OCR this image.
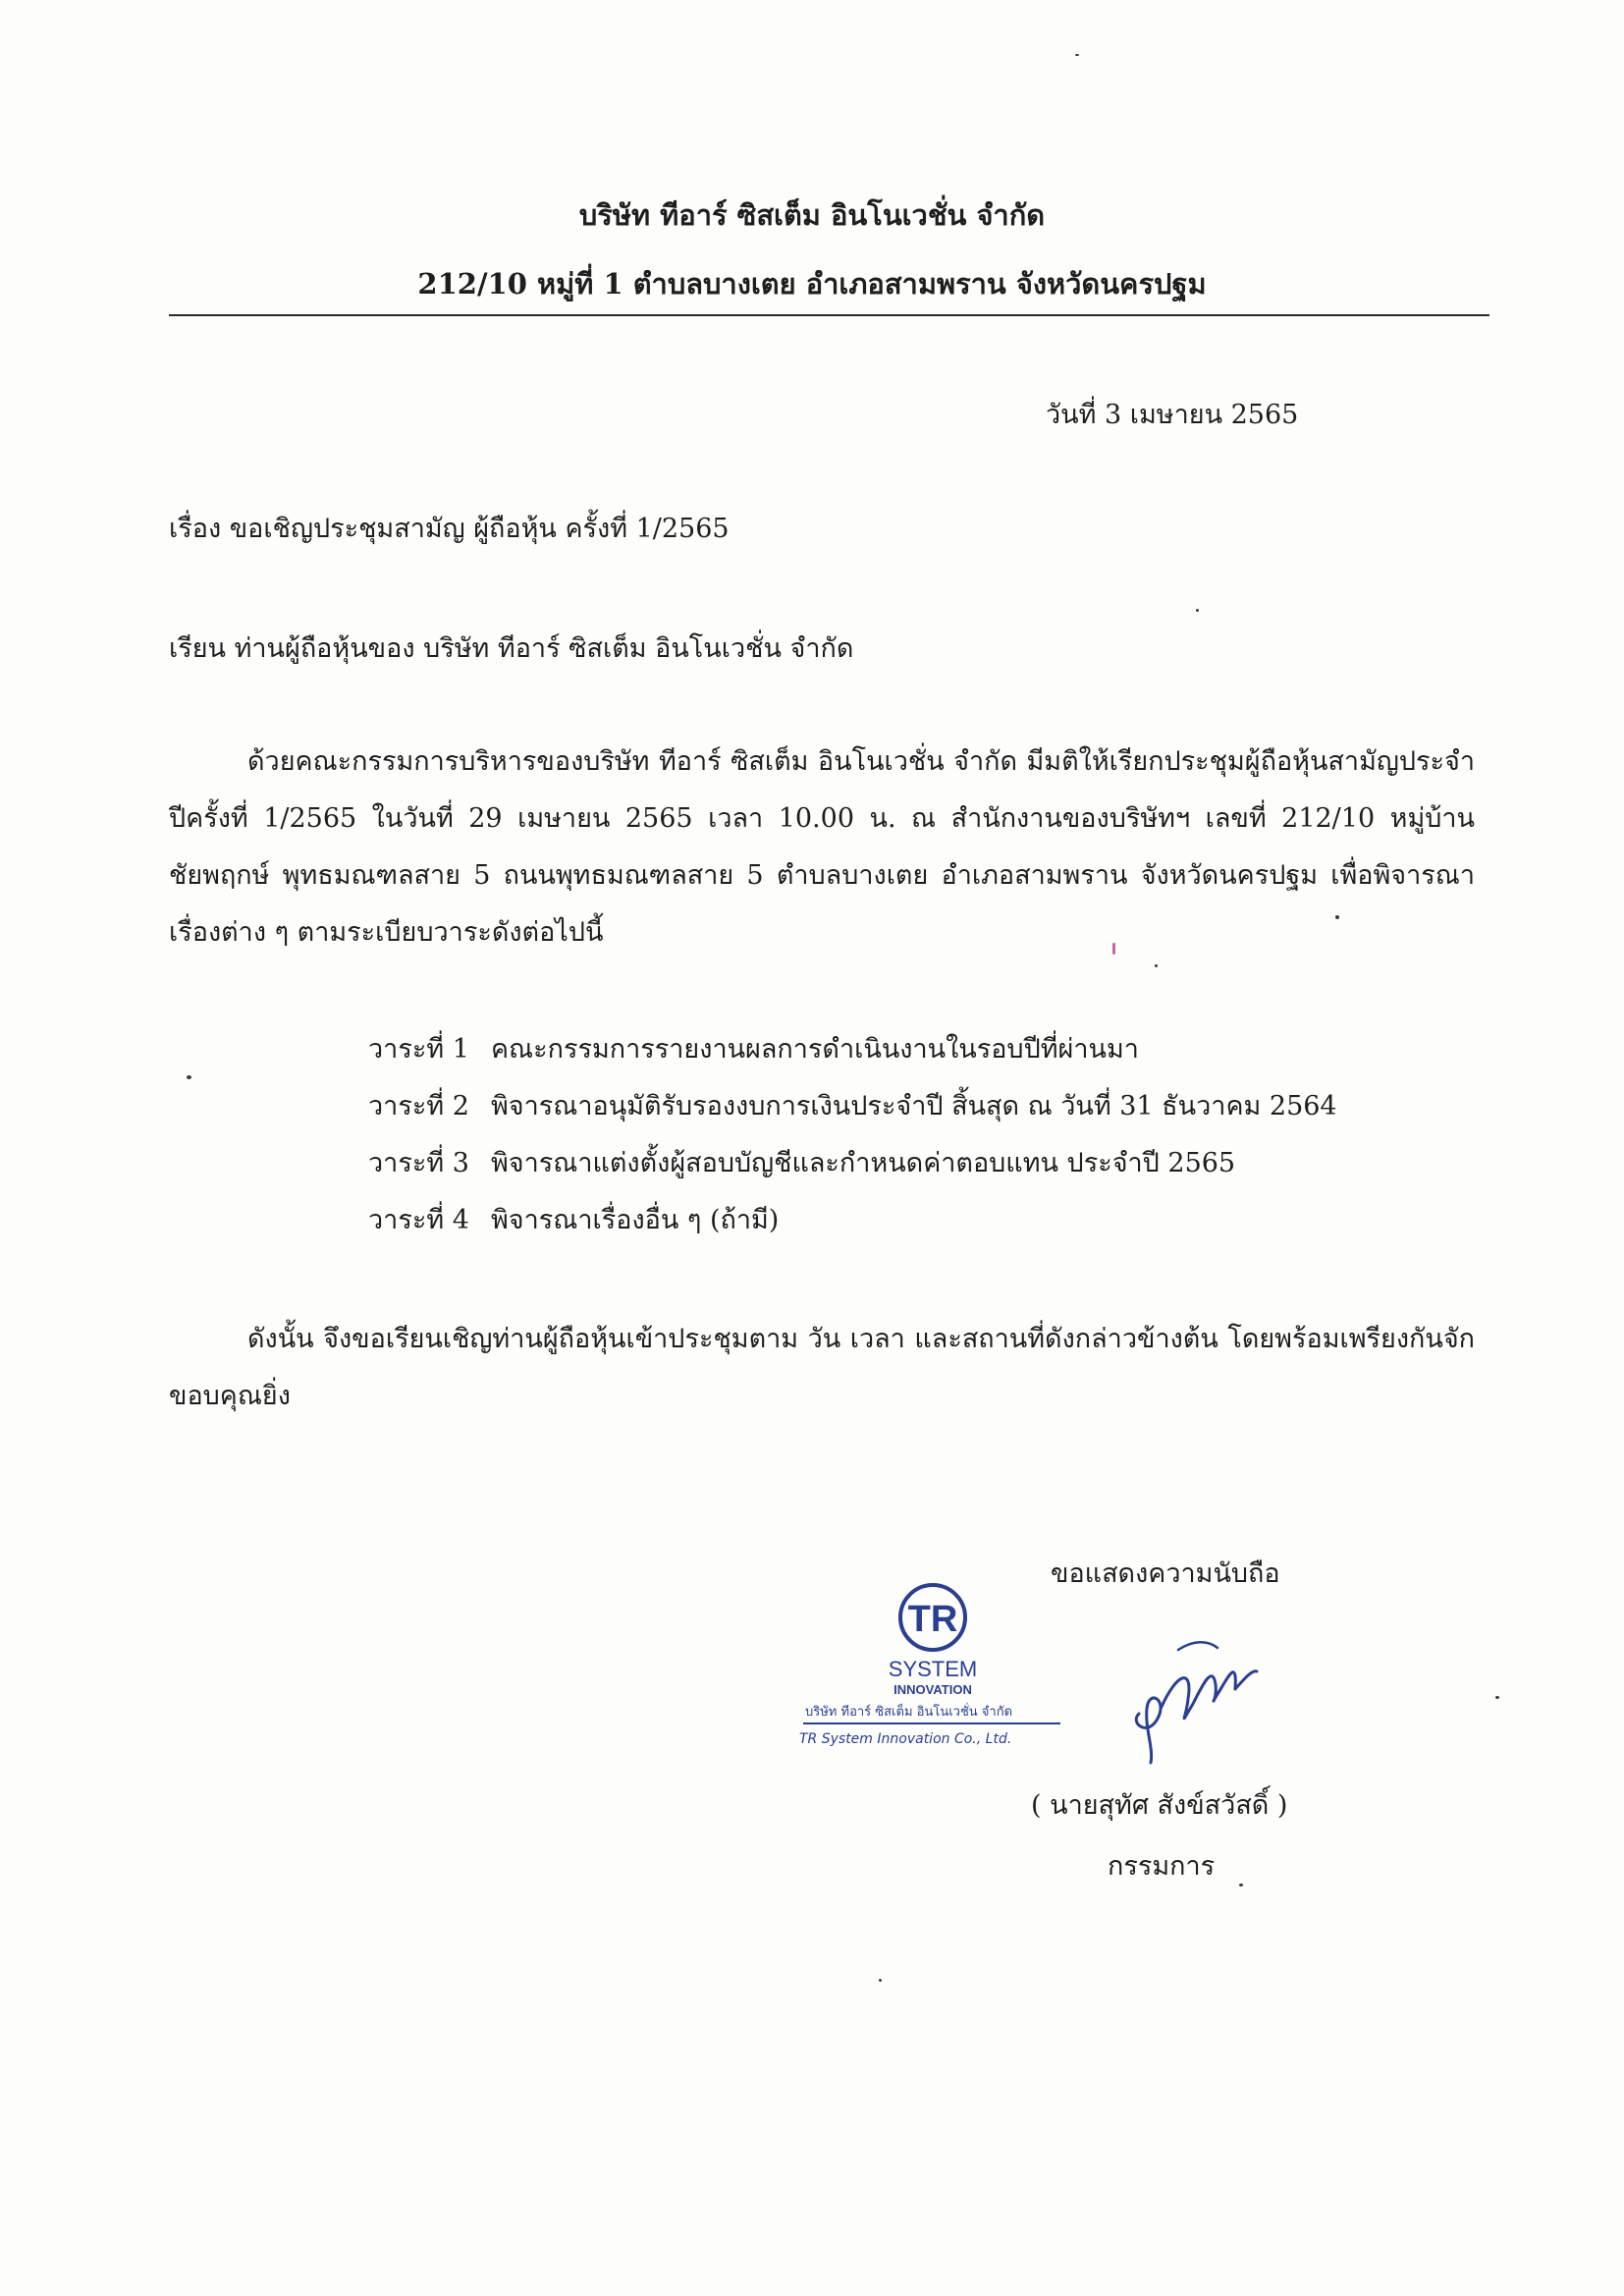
บริษัท ทีอาร์ ซิสเต็ม อินโนเวชั่น จำกัด
212/10 หมู่ที่ 1 ตำบลบางเตย อำเภอสามพราน จังหวัดนครปฐม
วันที่ 3 เมษายน 2565
เรื่อง ขอเชิญประชุมสามัญ ผู้ถือหุ้น ครั้งที่ 1/2565
เรียน ท่านผู้ถือหุ้นของ บริษัท ทีอาร์ ซิสเต็ม อินโนเวชั่น จำกัด
ด้วยคณะกรรมการบริหารของบริษัท ทีอาร์ ซิสเต็ม อินโนเวชั่น จำกัด มีมติให้เรียกประชุมผู้ถือหุ้นสามัญประจำปีครั้งที่ 1/2565 ในวันที่ 29 เมษายน 2565 เวลา 10.00 น. ณ สำนักงานของบริษัทฯ เลขที่ 212/10 หมู่บ้านชัยพฤกษ์ พุทธมณฑลสาย 5 ถนนพุทธมณฑลสาย 5 ตำบลบางเตย อำเภอสามพราน จังหวัดนครปฐม เพื่อพิจารณาเรื่องต่าง ๆ ตามระเบียบวาระดังต่อไปนี้
วาระที่ 1 คณะกรรมการรายงานผลการดำเนินงานในรอบปีที่ผ่านมา
วาระที่ 2 พิจารณาอนุมัติรับรองงบการเงินประจำปี สิ้นสุด ณ วันที่ 31 ธันวาคม 2564
วาระที่ 3 พิจารณาแต่งตั้งผู้สอบบัญชีและกำหนดค่าตอบแทน ประจำปี 2565
วาระที่ 4 พิจารณาเรื่องอื่น ๆ (ถ้ามี)
ดังนั้น จึงขอเรียนเชิญท่านผู้ถือหุ้นเข้าประชุมตาม วัน เวลา และสถานที่ดังกล่าวข้างต้น โดยพร้อมเพรียงกันจักขอบคุณยิ่ง
ขอแสดงความนับถือ
TR
SYSTEM
INNOVATION
บริษัท ทีอาร์ ซิสเต็ม อินโนเวชั่น จำกัด
TR System Innovation Co., Ltd.
( นายสุทัศ สังข์สวัสดิ์ )
กรรมการ
